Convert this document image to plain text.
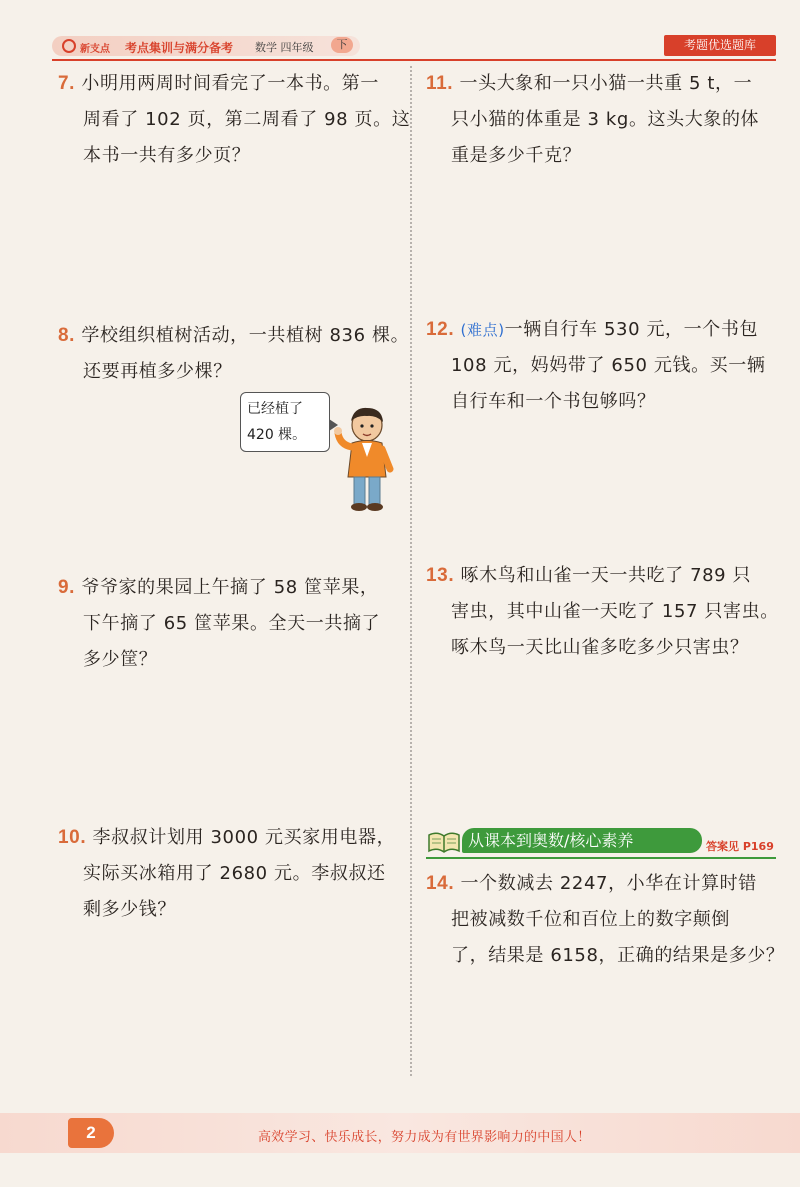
新支点 考点集训与满分备考 数学 四年级	下	考题优选题库
7. 小明用两周时间看完了一本书。第一
周看了 102 页，第二周看了 98 页。这
本书一共有多少页？
8. 学校组织植树活动，一共植树 836 棵。
还要再植多少棵？
已经植了
420 棵。
9. 爷爷家的果园上午摘了 58 筐苹果，
下午摘了 65 筐苹果。全天一共摘了
多少筐？
10. 李叔叔计划用 3000 元买家用电器，
实际买冰箱用了 2680 元。李叔叔还
剩多少钱？
11. 一头大象和一只小猫一共重 5 t，一
只小猫的体重是 3 kg。这头大象的体
重是多少千克？
12. (难点)一辆自行车 530 元，一个书包
108 元，妈妈带了 650 元钱。买一辆
自行车和一个书包够吗？
13. 啄木鸟和山雀一天一共吃了 789 只
害虫，其中山雀一天吃了 157 只害虫。
啄木鸟一天比山雀多吃多少只害虫？
从课本到奥数/核心素养	答案见 P169
14. 一个数减去 2247，小华在计算时错
把被减数千位和百位上的数字颠倒
了，结果是 6158，正确的结果是多少？
2	高效学习、快乐成长，努力成为有世界影响力的中国人！
